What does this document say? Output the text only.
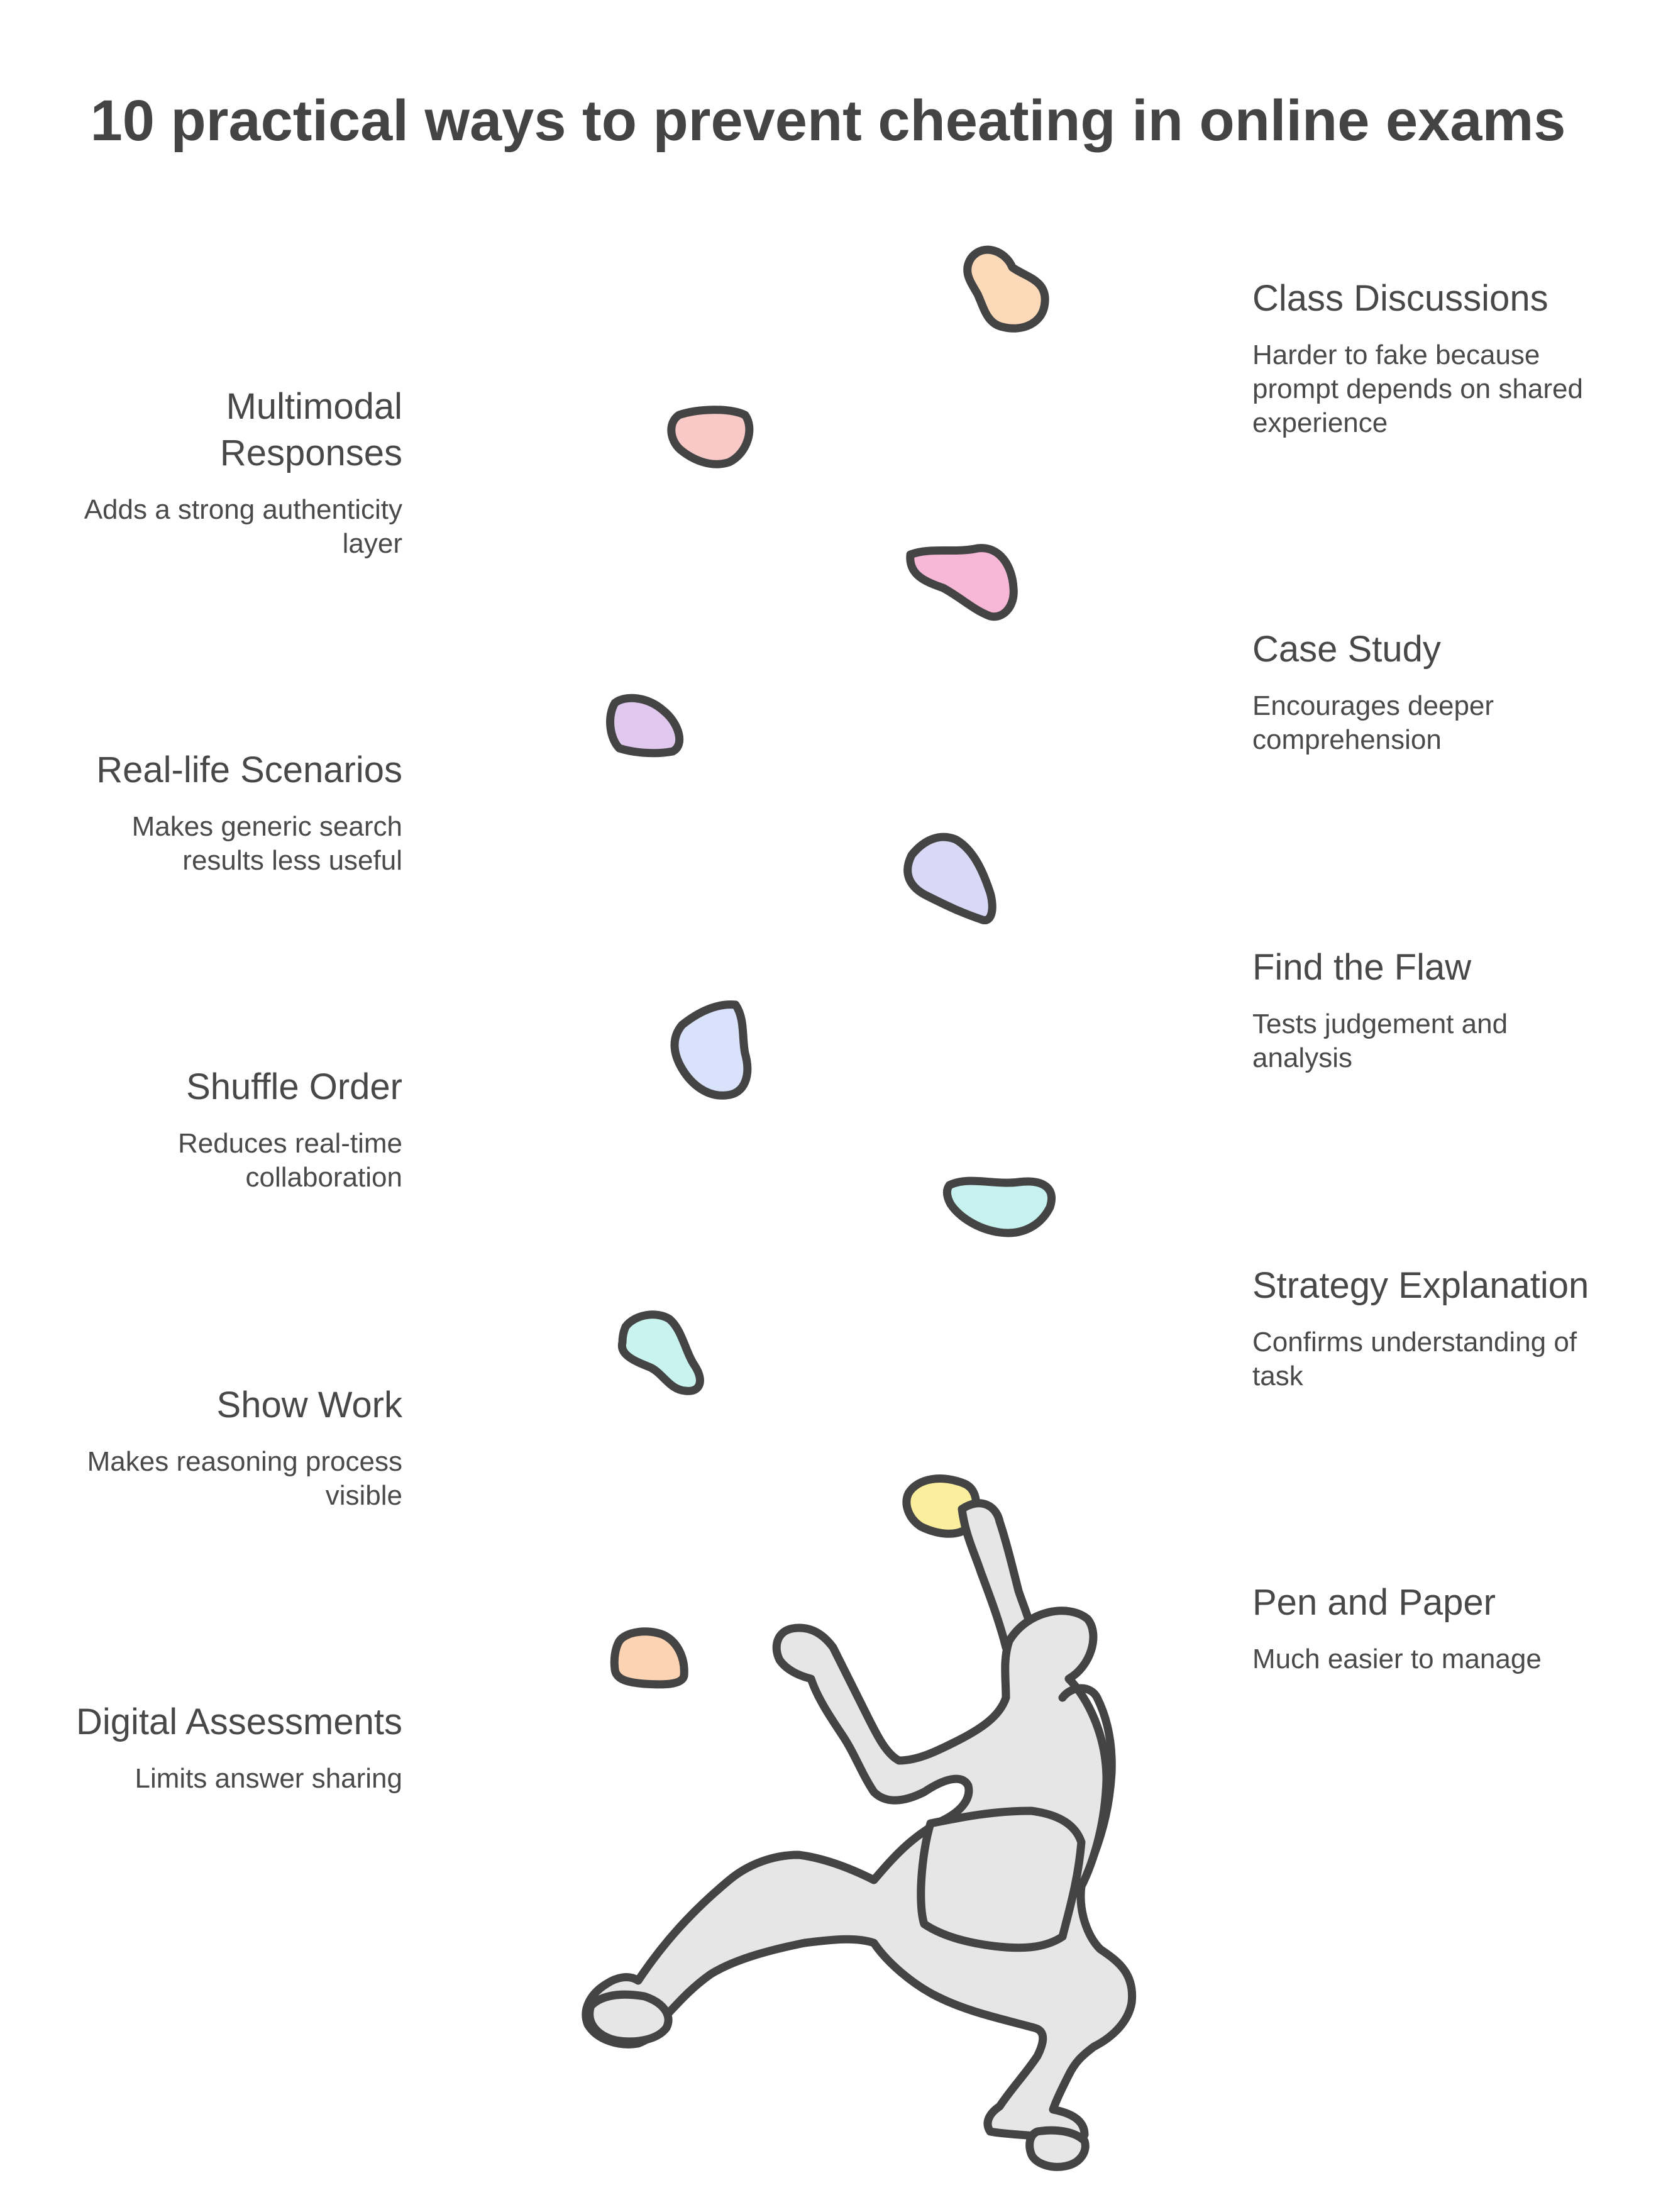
10 practical ways to prevent cheating in online exams
Class Discussions
Harder to fake because prompt depends on shared experience
Multimodal Responses
Adds a strong authenticity layer
Case Study
Encourages deeper comprehension
Real-life Scenarios
Makes generic search results less useful
Find the Flaw
Tests judgement and analysis
Shuffle Order
Reduces real-time collaboration
Strategy Explanation
Confirms understanding of task
Show Work
Makes reasoning process visible
Pen and Paper
Much easier to manage
Digital Assessments
Limits answer sharing
